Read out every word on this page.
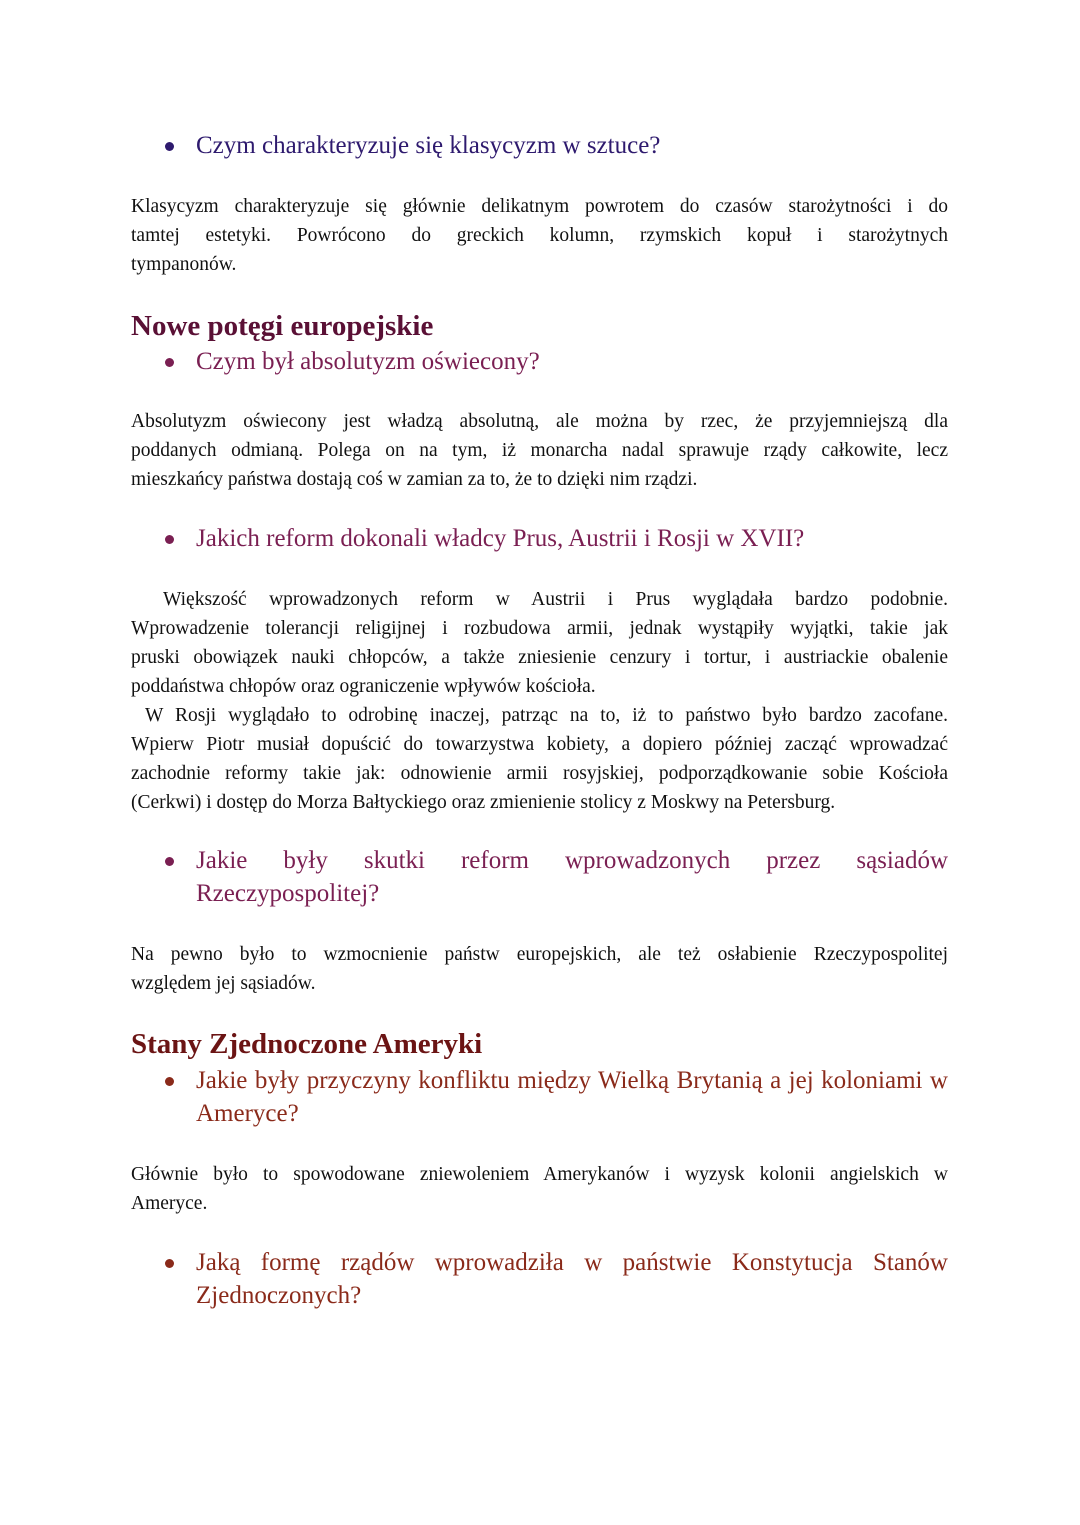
Czym charakteryzuje się klasycyzm w sztuce?
Klasycyzm charakteryzuje się głównie delikatnym powrotem do czasów starożytności i do
tamtej estetyki. Powrócono do greckich kolumn, rzymskich kopuł i starożytnych
tympanonów.
Nowe potęgi europejskie
Czym był absolutyzm oświecony?
Absolutyzm oświecony jest władzą absolutną, ale można by rzec, że przyjemniejszą dla
poddanych odmianą. Polega on na tym, iż monarcha nadal sprawuje rządy całkowite, lecz
mieszkańcy państwa dostają coś w zamian za to, że to dzięki nim rządzi.
Jakich reform dokonali władcy Prus, Austrii i Rosji w XVII?
Większość wprowadzonych reform w Austrii i Prus wyglądała bardzo podobnie.
Wprowadzenie tolerancji religijnej i rozbudowa armii, jednak wystąpiły wyjątki, takie jak
pruski obowiązek nauki chłopców, a także zniesienie cenzury i tortur, i austriackie obalenie
poddaństwa chłopów oraz ograniczenie wpływów kościoła.
W Rosji wyglądało to odrobinę inaczej, patrząc na to, iż to państwo było bardzo zacofane.
Wpierw Piotr musiał dopuścić do towarzystwa kobiety, a dopiero później zacząć wprowadzać
zachodnie reformy takie jak: odnowienie armii rosyjskiej, podporządkowanie sobie Kościoła
(Cerkwi) i dostęp do Morza Bałtyckiego oraz zmienienie stolicy z Moskwy na Petersburg.
Jakie były skutki reform wprowadzonych przez sąsiadów
Rzeczypospolitej?
Na pewno było to wzmocnienie państw europejskich, ale też osłabienie Rzeczypospolitej
względem jej sąsiadów.
Stany Zjednoczone Ameryki
Jakie były przyczyny konfliktu między Wielką Brytanią a jej koloniami w
Ameryce?
Głównie było to spowodowane zniewoleniem Amerykanów i wyzysk kolonii angielskich w
Ameryce.
Jaką formę rządów wprowadziła w państwie Konstytucja Stanów
Zjednoczonych?
